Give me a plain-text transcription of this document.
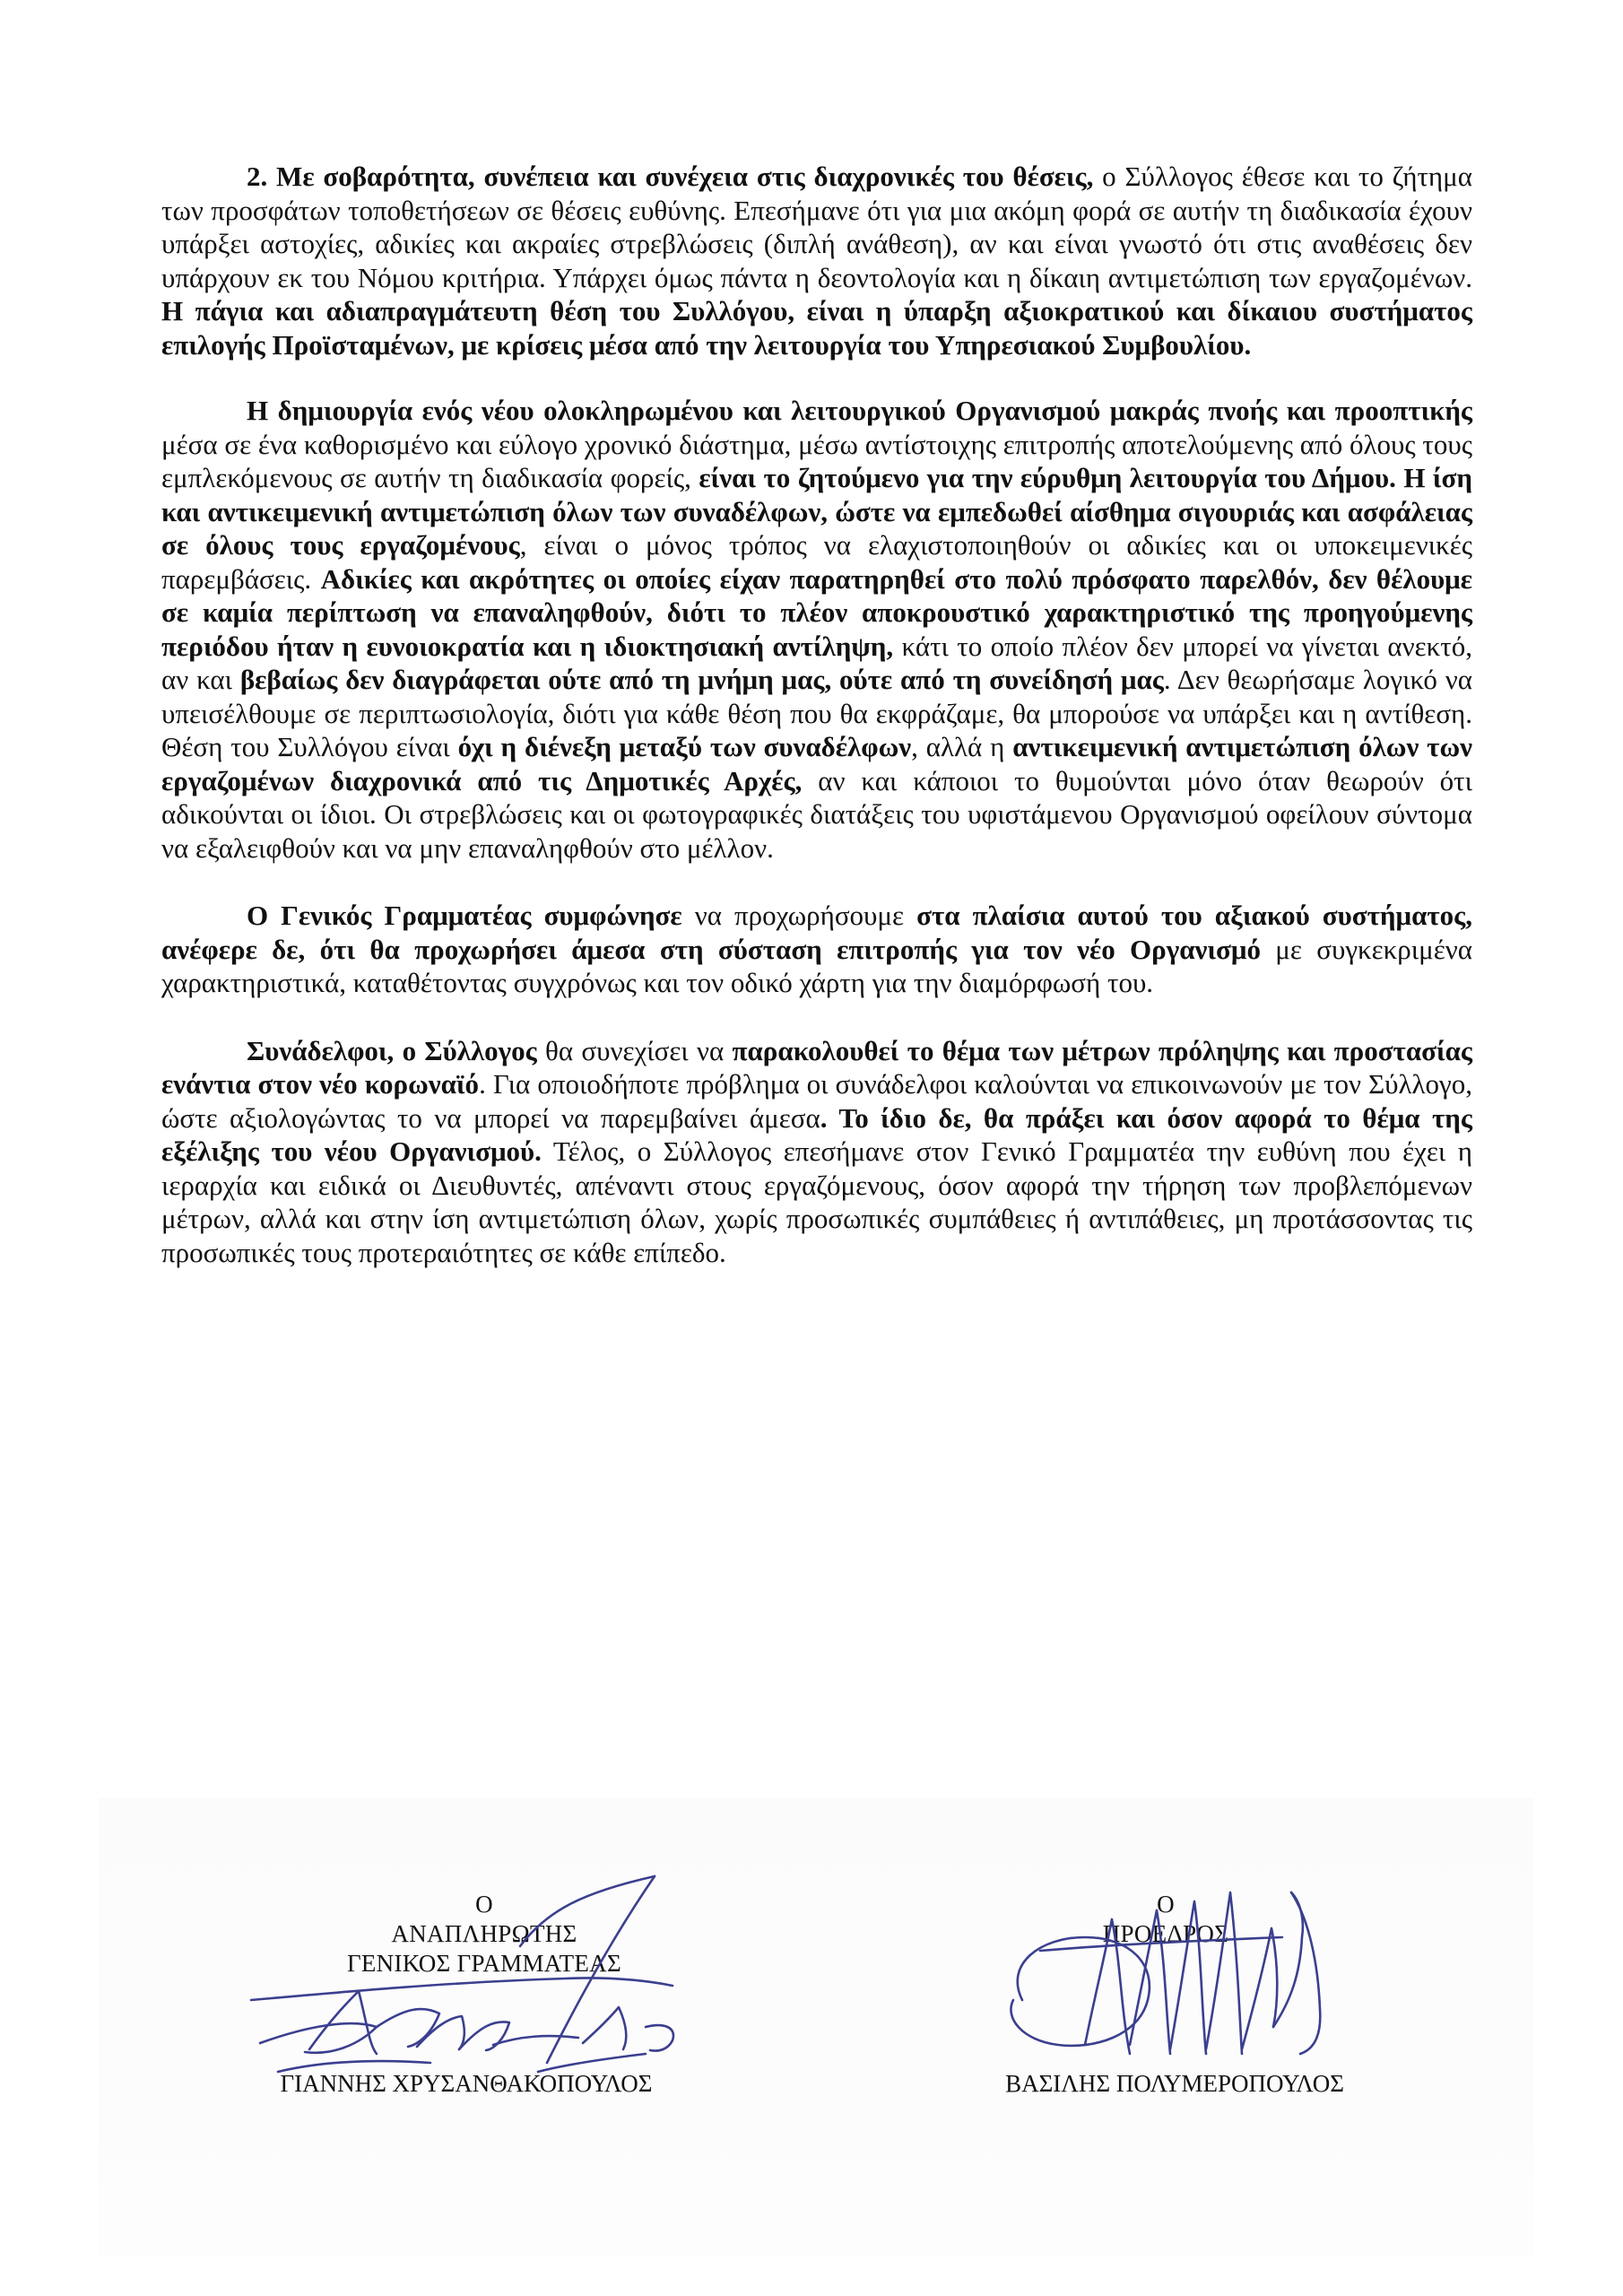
2. Με σοβαρότητα, συνέπεια και συνέχεια στις διαχρονικές του θέσεις, ο Σύλλογος έθεσε και το ζήτημα των προσφάτων τοποθετήσεων σε θέσεις ευθύνης. Επεσήμανε ότι για μια ακόμη φορά σε αυτήν τη διαδικασία έχουν υπάρξει αστοχίες, αδικίες και ακραίες στρεβλώσεις (διπλή ανάθεση), αν και είναι γνωστό ότι στις αναθέσεις δεν υπάρχουν εκ του Νόμου κριτήρια. Υπάρχει όμως πάντα η δεοντολογία και η δίκαιη αντιμετώπιση των εργαζομένων. Η πάγια και αδιαπραγμάτευτη θέση του Συλλόγου, είναι η ύπαρξη αξιοκρατικού και δίκαιου συστήματος επιλογής Προϊσταμένων, με κρίσεις μέσα από την λειτουργία του Υπηρεσιακού Συμβουλίου.

Η δημιουργία ενός νέου ολοκληρωμένου και λειτουργικού Οργανισμού μακράς πνοής και προοπτικής μέσα σε ένα καθορισμένο και εύλογο χρονικό διάστημα, μέσω αντίστοιχης επιτροπής αποτελούμενης από όλους τους εμπλεκόμενους σε αυτήν τη διαδικασία φορείς, είναι το ζητούμενο για την εύρυθμη λειτουργία του Δήμου. Η ίση και αντικειμενική αντιμετώπιση όλων των συναδέλφων, ώστε να εμπεδωθεί αίσθημα σιγουριάς και ασφάλειας σε όλους τους εργαζομένους, είναι ο μόνος τρόπος να ελαχιστοποιηθούν οι αδικίες και οι υποκειμενικές παρεμβάσεις. Αδικίες και ακρότητες οι οποίες είχαν παρατηρηθεί στο πολύ πρόσφατο παρελθόν, δεν θέλουμε σε καμία περίπτωση να επαναληφθούν, διότι το πλέον αποκρουστικό χαρακτηριστικό της προηγούμενης περιόδου ήταν η ευνοιοκρατία και η ιδιοκτησιακή αντίληψη, κάτι το οποίο πλέον δεν μπορεί να γίνεται ανεκτό, αν και βεβαίως δεν διαγράφεται ούτε από τη μνήμη μας, ούτε από τη συνείδησή μας. Δεν θεωρήσαμε λογικό να υπεισέλθουμε σε περιπτωσιολογία, διότι για κάθε θέση που θα εκφράζαμε, θα μπορούσε να υπάρξει και η αντίθεση. Θέση του Συλλόγου είναι όχι η διένεξη μεταξύ των συναδέλφων, αλλά η αντικειμενική αντιμετώπιση όλων των εργαζομένων διαχρονικά από τις Δημοτικές Αρχές, αν και κάποιοι το θυμούνται μόνο όταν θεωρούν ότι αδικούνται οι ίδιοι. Οι στρεβλώσεις και οι φωτογραφικές διατάξεις του υφιστάμενου Οργανισμού οφείλουν σύντομα να εξαλειφθούν και να μην επαναληφθούν στο μέλλον.

Ο Γενικός Γραμματέας συμφώνησε να προχωρήσουμε στα πλαίσια αυτού του αξιακού συστήματος, ανέφερε δε, ότι θα προχωρήσει άμεσα στη σύσταση επιτροπής για τον νέο Οργανισμό με συγκεκριμένα χαρακτηριστικά, καταθέτοντας συγχρόνως και τον οδικό χάρτη για την διαμόρφωσή του.

Συνάδελφοι, ο Σύλλογος θα συνεχίσει να παρακολουθεί το θέμα των μέτρων πρόληψης και προστασίας ενάντια στον νέο κορωναϊό. Για οποιοδήποτε πρόβλημα οι συνάδελφοι καλούνται να επικοινωνούν με τον Σύλλογο, ώστε αξιολογώντας το να μπορεί να παρεμβαίνει άμεσα. Το ίδιο δε, θα πράξει και όσον αφορά το θέμα της εξέλιξης του νέου Οργανισμού. Τέλος, ο Σύλλογος επεσήμανε στον Γενικό Γραμματέα την ευθύνη που έχει η ιεραρχία και ειδικά οι Διευθυντές, απέναντι στους εργαζόμενους, όσον αφορά την τήρηση των προβλεπόμενων μέτρων, αλλά και στην ίση αντιμετώπιση όλων, χωρίς προσωπικές συμπάθειες ή αντιπάθειες, μη προτάσσοντας τις προσωπικές τους προτεραιότητες σε κάθε επίπεδο.

Ο
ΑΝΑΠΛΗΡΩΤΗΣ
ΓΕΝΙΚΟΣ ΓΡΑΜΜΑΤΕΑΣ
ΓΙΑΝΝΗΣ ΧΡΥΣΑΝΘΑΚΟΠΟΥΛΟΣ
Ο
ΠΡΟΕΔΡΟΣ
ΒΑΣΙΛΗΣ ΠΟΛΥΜΕΡΟΠΟΥΛΟΣ
